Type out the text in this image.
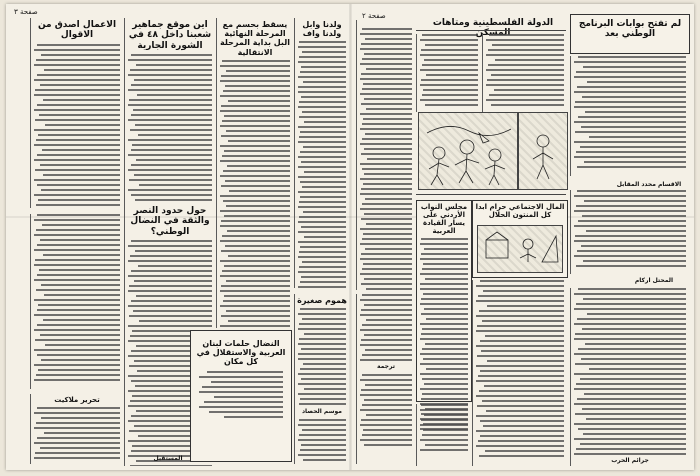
صفحة ٣	صفحة ٢
الاعمال اصدق من الاقوال
تحرير ملاكيت
اين موقع جماهير شعبنا داخل ٤٨ في الشورة الجارية
حول حدود النصر والثقة في النضال الوطني؟
يسقط بحسم مع المرحلة النهائية البل بداية المرحلة الانتقالية
النضال حلمات لبنان العربية والاستقلال في كل مكان
ولدنا وابل ولدنا واف
هموم صغيرة
موسم الحصاد
ترجمة
الدولة الفلسطينية ومتاهات
مجلس النواب الأردني على يسار القيادة العربية
المال الاجتماعي حرام ابدا كل المنتون الحلال
لم تفتح بوابات البرنامج الوطني بعد
الاقسام محدد المقابل
المحتل اركام
جرائم الحرب
المستقبل
